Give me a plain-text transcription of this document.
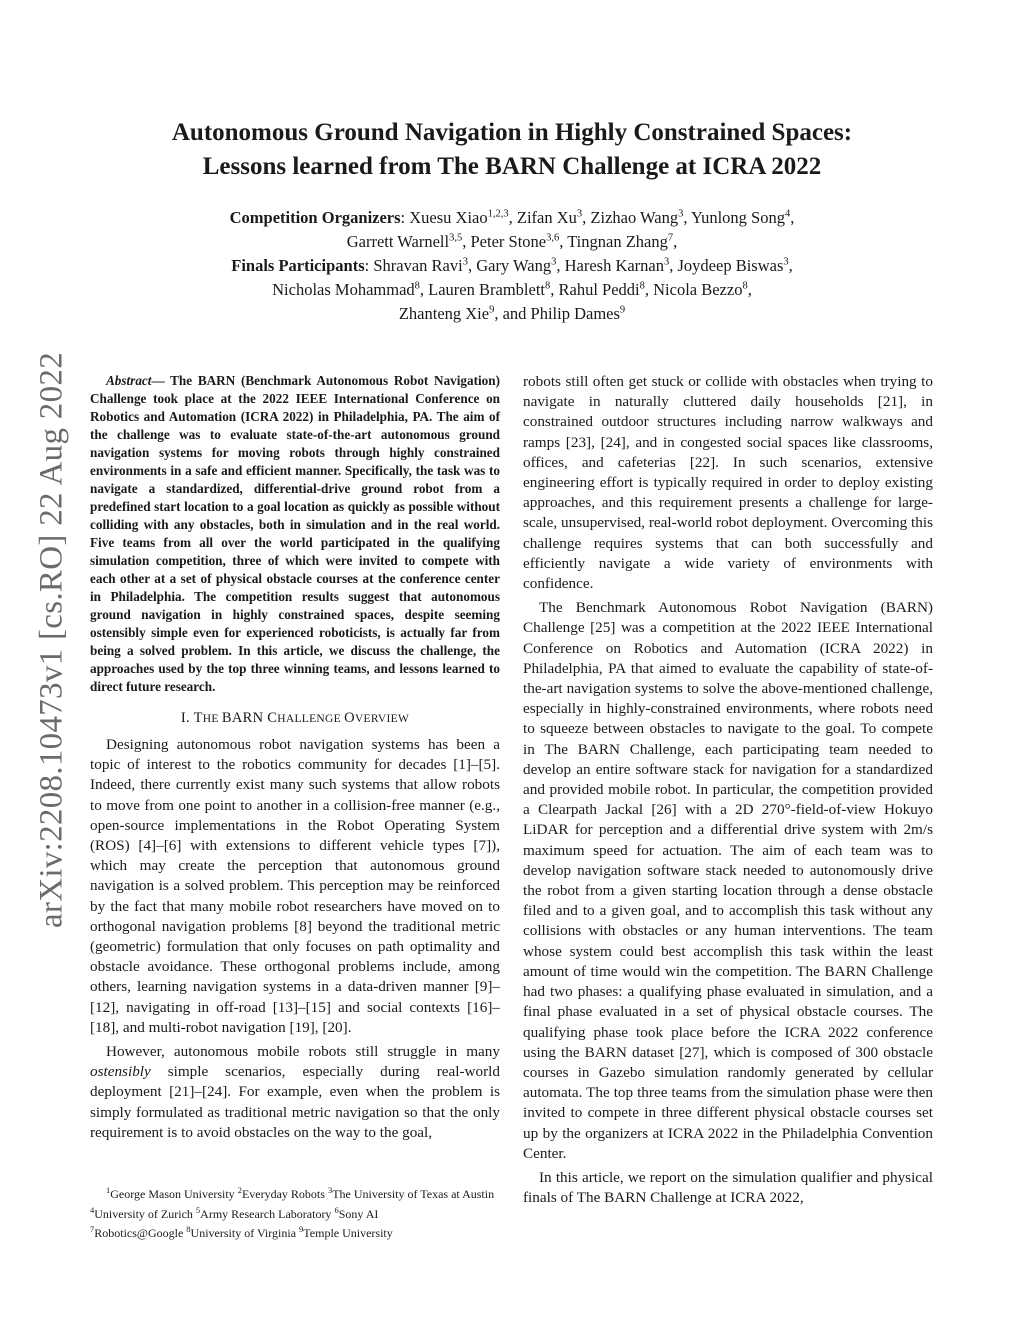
arXiv:2208.10473v1 [cs.RO] 22 Aug 2022
Autonomous Ground Navigation in Highly Constrained Spaces:
Lessons learned from The BARN Challenge at ICRA 2022
Competition Organizers: Xuesu Xiao$^{1,2,3}$, Zifan Xu$^3$, Zizhao Wang$^3$, Yunlong Song$^4$,
Garrett Warnell$^{3,5}$, Peter Stone$^{3,6}$, Tingnan Zhang$^7$,
Finals Participants: Shravan Ravi$^3$, Gary Wang$^3$, Haresh Karnan$^3$, Joydeep Biswas$^3$,
Nicholas Mohammad$^8$, Lauren Bramblett$^8$, Rahul Peddi$^8$, Nicola Bezzo$^8$,
Zhanteng Xie$^9$, and Philip Dames$^9$

Abstract— The BARN (Benchmark Autonomous Robot Navigation) Challenge took place at the 2022 IEEE International Conference on Robotics and Automation (ICRA 2022) in Philadelphia, PA. The aim of the challenge was to evaluate state-of-the-art autonomous ground navigation systems for moving robots through highly constrained environments in a safe and efficient manner. Specifically, the task was to navigate a standardized, differential-drive ground robot from a predefined start location to a goal location as quickly as possible without colliding with any obstacles, both in simulation and in the real world. Five teams from all over the world participated in the qualifying simulation competition, three of which were invited to compete with each other at a set of physical obstacle courses at the conference center in Philadelphia. The competition results suggest that autonomous ground navigation in highly constrained spaces, despite seeming ostensibly simple even for experienced roboticists, is actually far from being a solved problem. In this article, we discuss the challenge, the approaches used by the top three winning teams, and lessons learned to direct future research.

I. THE BARN CHALLENGE OVERVIEW

Designing autonomous robot navigation systems has been a topic of interest to the robotics community for decades [1]–[5]. Indeed, there currently exist many such systems that allow robots to move from one point to another in a collision-free manner (e.g., open-source implementations in the Robot Operating System (ROS) [4]–[6] with extensions to different vehicle types [7]), which may create the perception that autonomous ground navigation is a solved problem. This perception may be reinforced by the fact that many mobile robot researchers have moved on to orthogonal navigation problems [8] beyond the traditional metric (geometric) formulation that only focuses on path optimality and obstacle avoidance. These orthogonal problems include, among others, learning navigation systems in a data-driven manner [9]–[12], navigating in off-road [13]–[15] and social contexts [16]–[18], and multi-robot navigation [19], [20].

However, autonomous mobile robots still struggle in many ostensibly simple scenarios, especially during real-world deployment [21]–[24]. For example, even when the problem is simply formulated as traditional metric navigation so that the only requirement is to avoid obstacles on the way to the goal,

robots still often get stuck or collide with obstacles when trying to navigate in naturally cluttered daily households [21], in constrained outdoor structures including narrow walkways and ramps [23], [24], and in congested social spaces like classrooms, offices, and cafeterias [22]. In such scenarios, extensive engineering effort is typically required in order to deploy existing approaches, and this requirement presents a challenge for large-scale, unsupervised, real-world robot deployment. Overcoming this challenge requires systems that can both successfully and efficiently navigate a wide variety of environments with confidence.

The Benchmark Autonomous Robot Navigation (BARN) Challenge [25] was a competition at the 2022 IEEE International Conference on Robotics and Automation (ICRA 2022) in Philadelphia, PA that aimed to evaluate the capability of state-of-the-art navigation systems to solve the above-mentioned challenge, especially in highly-constrained environments, where robots need to squeeze between obstacles to navigate to the goal. To compete in The BARN Challenge, each participating team needed to develop an entire software stack for navigation for a standardized and provided mobile robot. In particular, the competition provided a Clearpath Jackal [26] with a 2D 270°-field-of-view Hokuyo LiDAR for perception and a differential drive system with 2m/s maximum speed for actuation. The aim of each team was to develop navigation software stack needed to autonomously drive the robot from a given starting location through a dense obstacle filed and to a given goal, and to accomplish this task without any collisions with obstacles or any human interventions. The team whose system could best accomplish this task within the least amount of time would win the competition. The BARN Challenge had two phases: a qualifying phase evaluated in simulation, and a final phase evaluated in a set of physical obstacle courses. The qualifying phase took place before the ICRA 2022 conference using the BARN dataset [27], which is composed of 300 obstacle courses in Gazebo simulation randomly generated by cellular automata. The top three teams from the simulation phase were then invited to compete in three different physical obstacle courses set up by the organizers at ICRA 2022 in the Philadelphia Convention Center.

In this article, we report on the simulation qualifier and physical finals of The BARN Challenge at ICRA 2022,

$^1$George Mason University $^2$Everyday Robots $^3$The University of Texas at Austin $^4$University of Zurich $^5$Army Research Laboratory $^6$Sony AI
$^7$Robotics@Google $^8$University of Virginia $^9$Temple University
